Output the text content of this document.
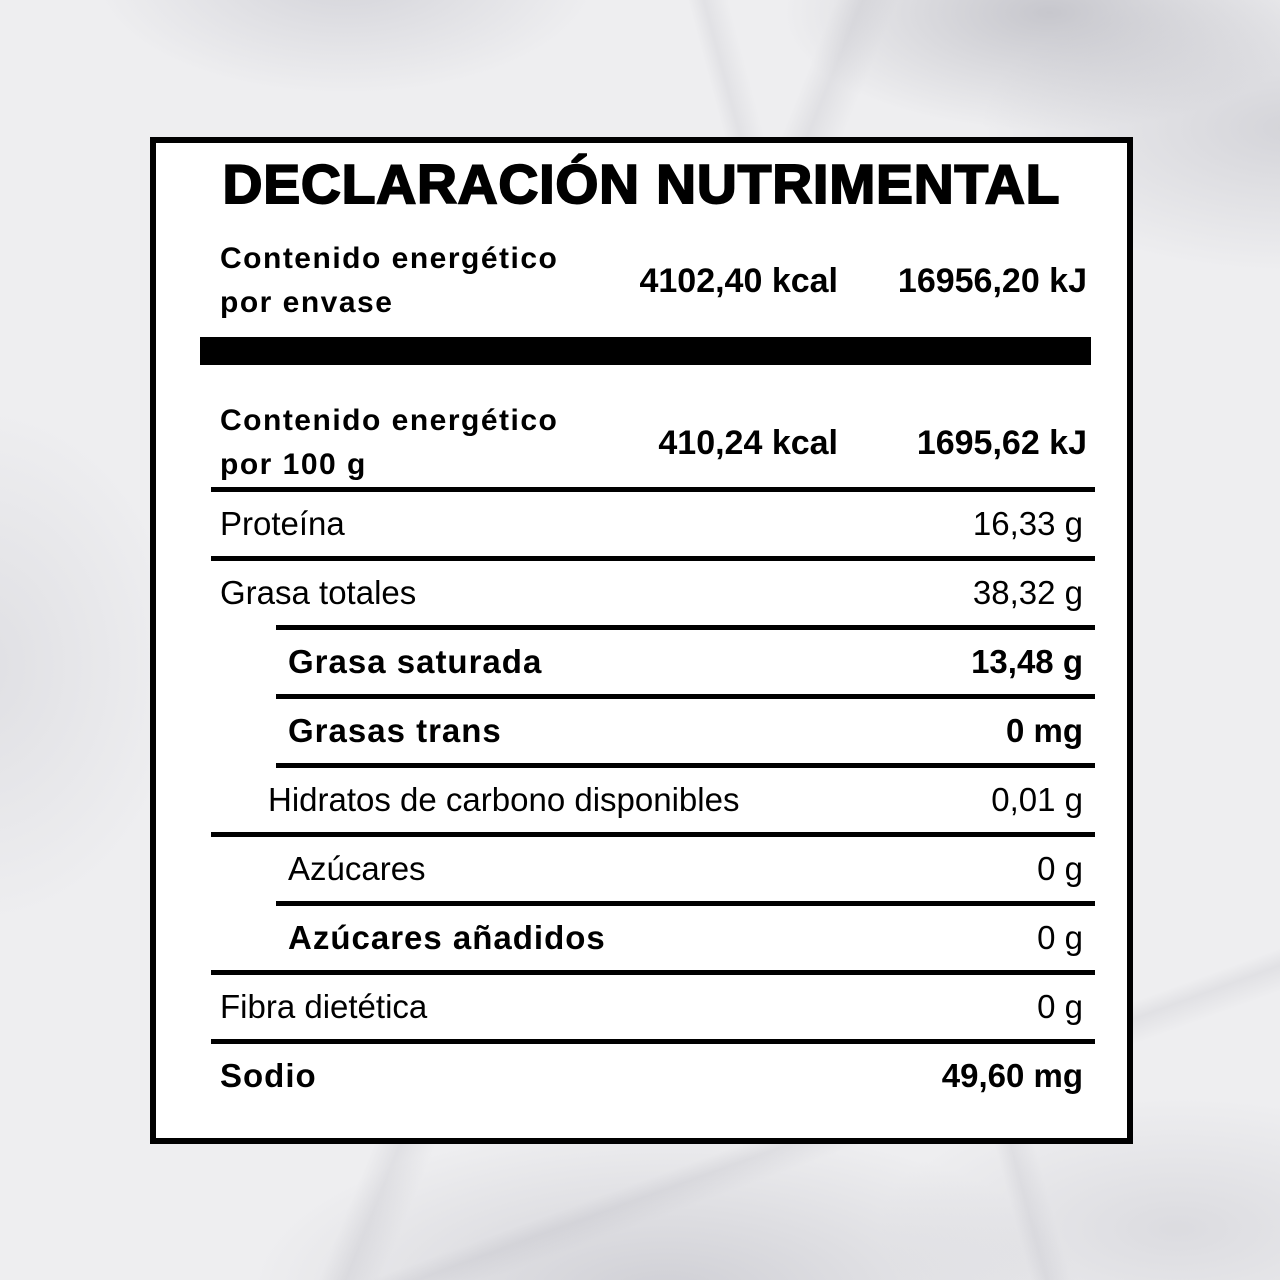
DECLARACIÓN NUTRIMENTAL
Contenido energético
por envase
4102,40 kcal	16956,20 kJ
Contenido energético
por 100 g
410,24 kcal	1695,62 kJ
Proteína	16,33 g
Grasa totales	38,32 g
Grasa saturada	13,48 g
Grasas trans	0 mg
Hidratos de carbono disponibles	0,01 g
Azúcares	0 g
Azúcares añadidos	0 g
Fibra dietética	0 g
Sodio	49,60 mg
